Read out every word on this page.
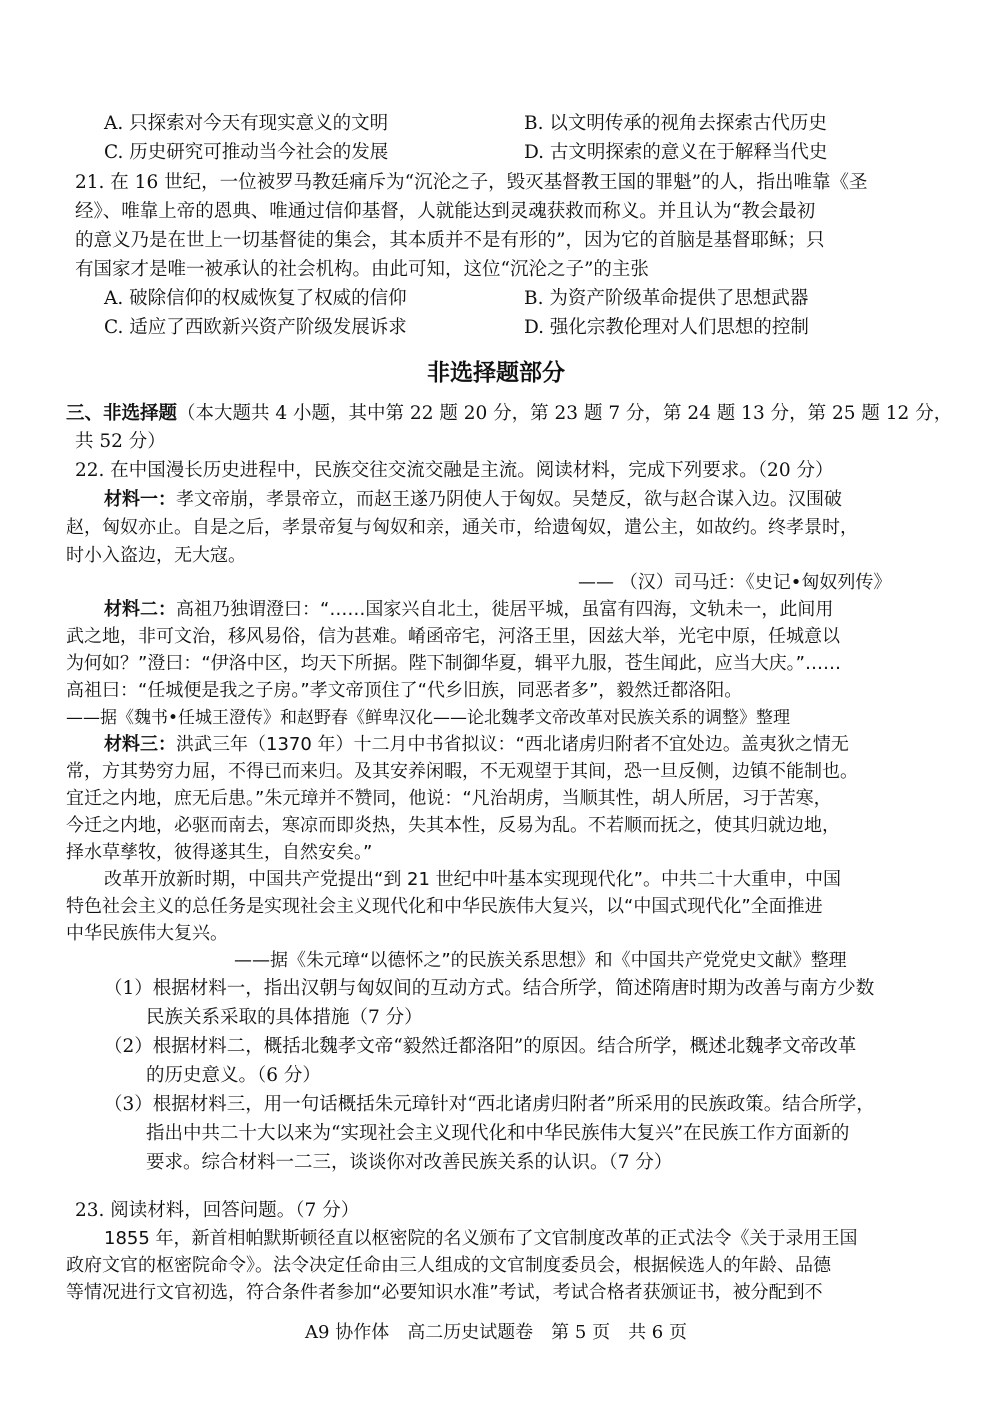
A. 只探索对今天有现实意义的文明	B. 以文明传承的视角去探索古代历史
C. 历史研究可推动当今社会的发展	D. 古文明探索的意义在于解释当代史
21. 在 16 世纪，一位被罗马教廷痛斥为“沉沦之子，毁灭基督教王国的罪魁”的人，指出唯靠《圣
经》、唯靠上帝的恩典、唯通过信仰基督，人就能达到灵魂获救而称义。并且认为“教会最初
的意义乃是在世上一切基督徒的集会，其本质并不是有形的”，因为它的首脑是基督耶稣；只
有国家才是唯一被承认的社会机构。由此可知，这位“沉沦之子”的主张
A. 破除信仰的权威恢复了权威的信仰	B. 为资产阶级革命提供了思想武器
C. 适应了西欧新兴资产阶级发展诉求	D. 强化宗教伦理对人们思想的控制
非选择题部分
三、非选择题（本大题共 4 小题，其中第 22 题 20 分，第 23 题 7 分，第 24 题 13 分，第 25 题 12 分，
共 52 分）
22. 在中国漫长历史进程中，民族交往交流交融是主流。阅读材料，完成下列要求。（20 分）
材料一：孝文帝崩，孝景帝立，而赵王遂乃阴使人于匈奴。吴楚反，欲与赵合谋入边。汉围破
赵，匈奴亦止。自是之后，孝景帝复与匈奴和亲，通关市，给遗匈奴，遣公主，如故约。终孝景时，
时小入盗边，无大寇。
—— （汉）司马迁：《史记•匈奴列传》
材料二：高祖乃独谓澄曰：“……国家兴自北土，徙居平城，虽富有四海，文轨未一，此间用
武之地，非可文治，移风易俗，信为甚难。崤函帝宅，河洛王里，因兹大举，光宅中原，任城意以
为何如？”澄曰：“伊洛中区，均天下所据。陛下制御华夏，辑平九服，苍生闻此，应当大庆。”……
高祖曰：“任城便是我之子房。”孝文帝顶住了“代乡旧族，同恶者多”，毅然迁都洛阳。
——据《魏书•任城王澄传》和赵野春《鲜卑汉化——论北魏孝文帝改革对民族关系的调整》整理
材料三：洪武三年（1370 年）十二月中书省拟议：“西北诸虏归附者不宜处边。盖夷狄之情无
常，方其势穷力屈，不得已而来归。及其安养闲暇，不无观望于其间，恐一旦反侧，边镇不能制也。
宜迁之内地，庶无后患。”朱元璋并不赞同，他说：“凡治胡虏，当顺其性，胡人所居，习于苦寒，
今迁之内地，必驱而南去，寒凉而即炎热，失其本性，反易为乱。不若顺而抚之，使其归就边地，
择水草孳牧，彼得遂其生，自然安矣。”
改革开放新时期，中国共产党提出“到 21 世纪中叶基本实现现代化”。中共二十大重申，中国
特色社会主义的总任务是实现社会主义现代化和中华民族伟大复兴，以“中国式现代化”全面推进
中华民族伟大复兴。
——据《朱元璋“以德怀之”的民族关系思想》和《中国共产党党史文献》整理
（1）根据材料一，指出汉朝与匈奴间的互动方式。结合所学，简述隋唐时期为改善与南方少数
民族关系采取的具体措施（7 分）
（2）根据材料二，概括北魏孝文帝“毅然迁都洛阳”的原因。结合所学，概述北魏孝文帝改革
的历史意义。（6 分）
（3）根据材料三，用一句话概括朱元璋针对“西北诸虏归附者”所采用的民族政策。结合所学，
指出中共二十大以来为“实现社会主义现代化和中华民族伟大复兴”在民族工作方面新的
要求。综合材料一二三，谈谈你对改善民族关系的认识。（7 分）
23. 阅读材料，回答问题。（7 分）
1855 年，新首相帕默斯顿径直以枢密院的名义颁布了文官制度改革的正式法令《关于录用王国
政府文官的枢密院命令》。法令决定任命由三人组成的文官制度委员会，根据候选人的年龄、品德
等情况进行文官初选，符合条件者参加“必要知识水准”考试，考试合格者获颁证书，被分配到不
A9 协作体　高二历史试题卷　第 5 页　共 6 页
